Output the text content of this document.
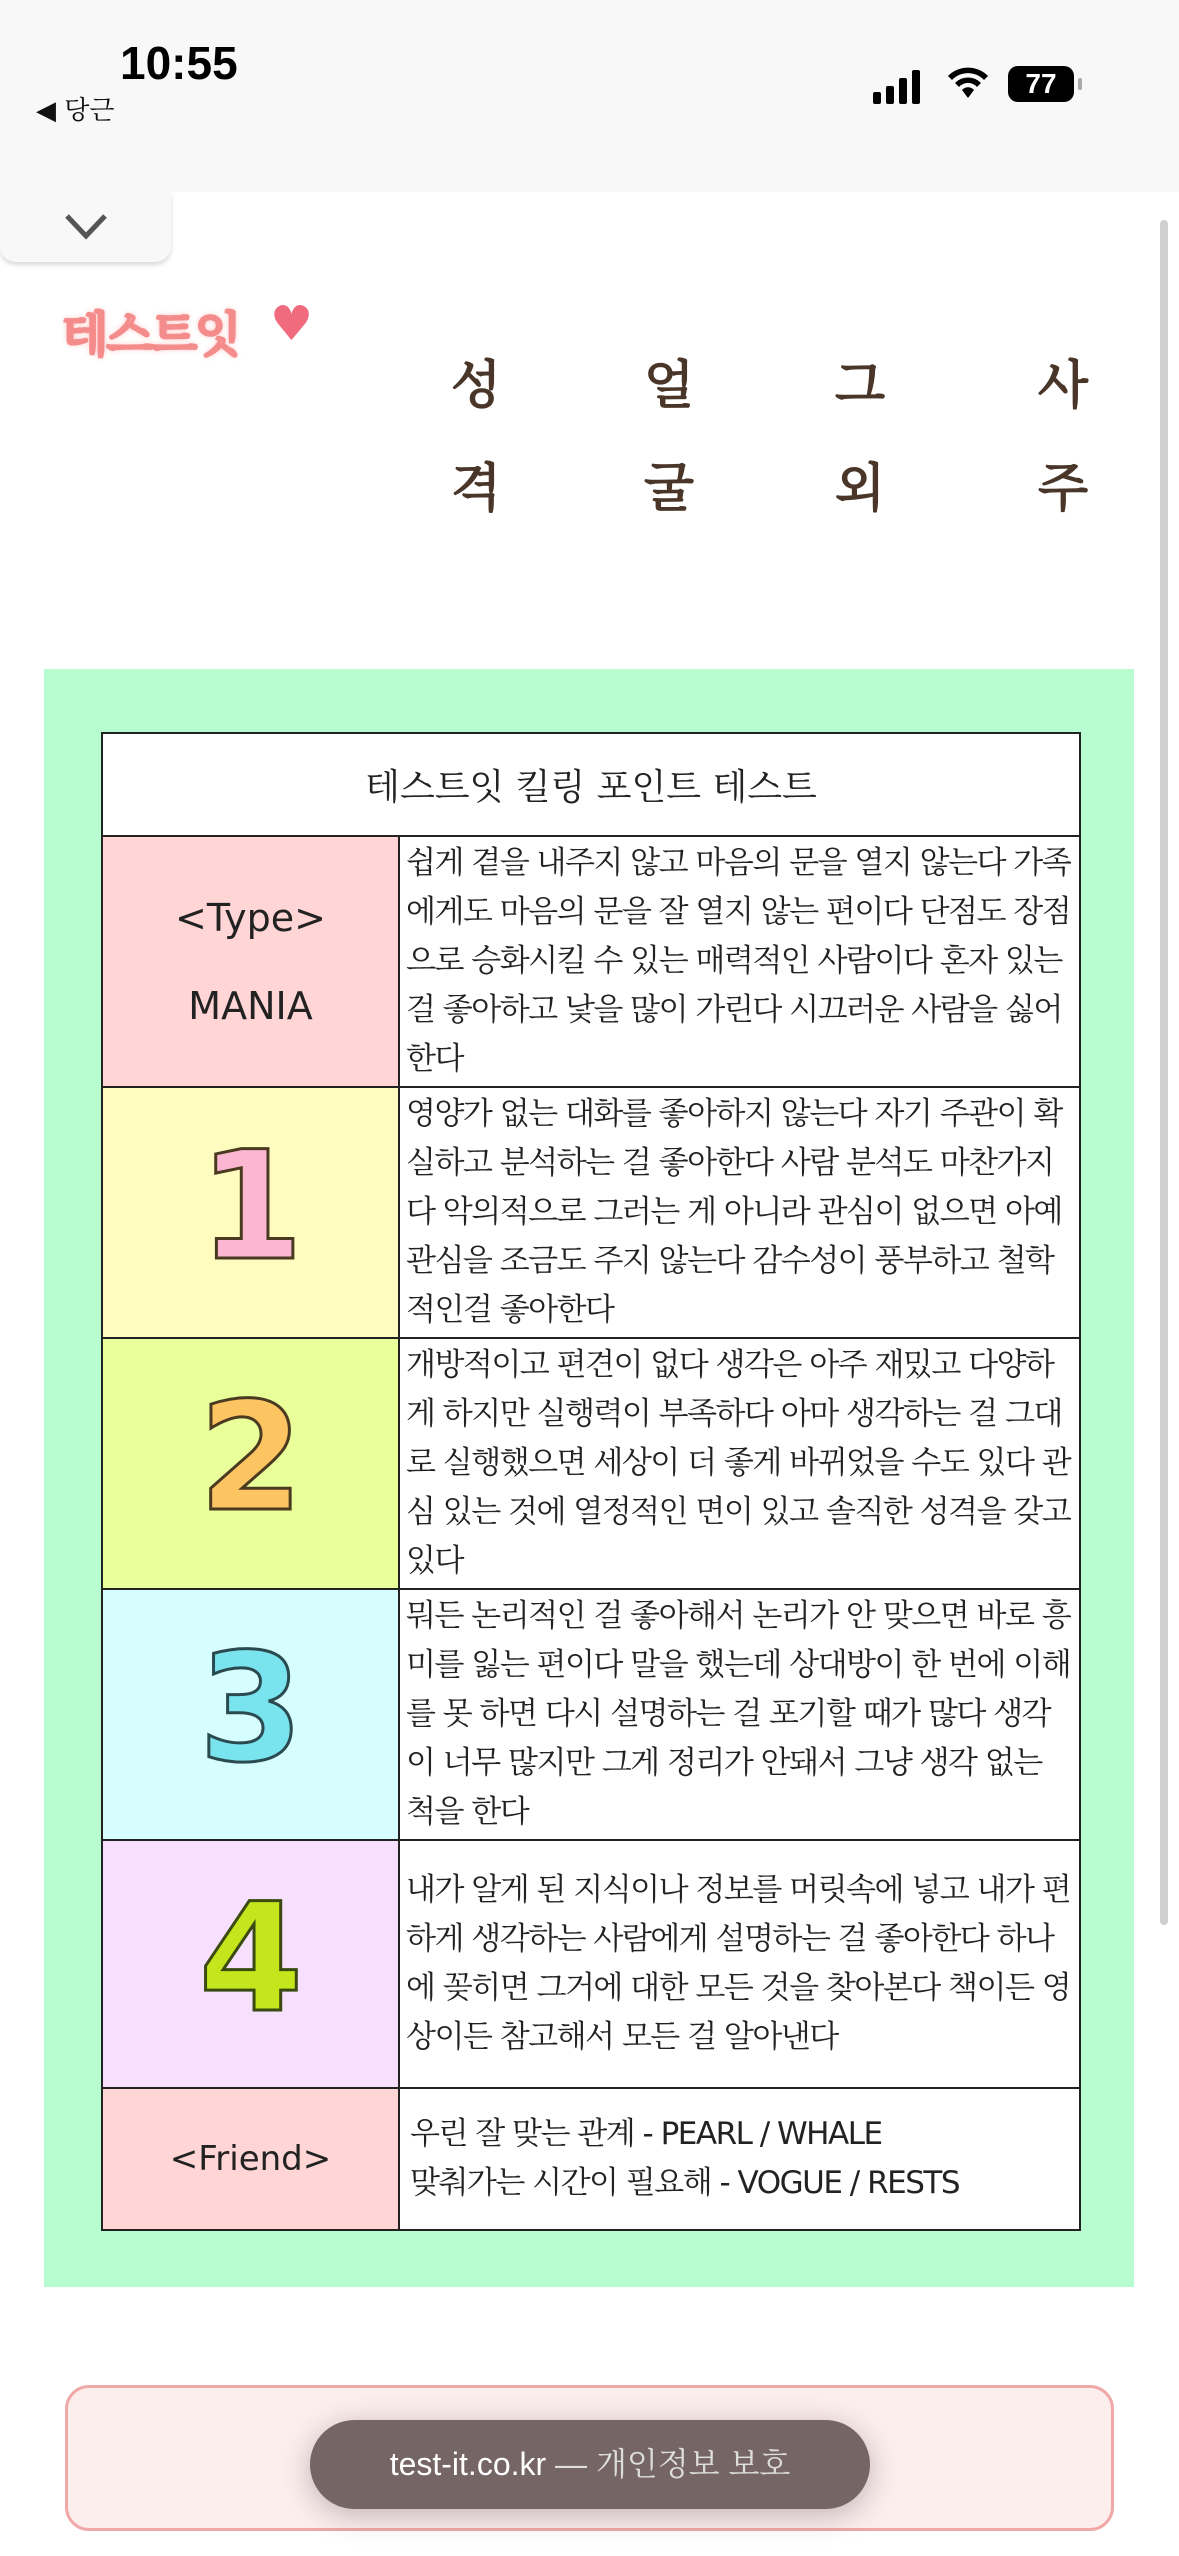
10:55
◀ 당근
77
테스트잇 ♥
성
격
얼
굴
그
외
사
주
테스트잇 킬링 포인트 테스트	

<Type>
MANIA	쉽게 곁을 내주지 않고 마음의 문을 열지 않는다 가족에게도 마음의 문을 잘 열지 않는 편이다 단점도 장점으로 승화시킬 수 있는 매력적인 사람이다 혼자 있는 걸 좋아하고 낯을 많이 가린다 시끄러운 사람을 싫어한다

1	영양가 없는 대화를 좋아하지 않는다 자기 주관이 확실하고 분석하는 걸 좋아한다 사람 분석도 마찬가지다 악의적으로 그러는 게 아니라 관심이 없으면 아예 관심을 조금도 주지 않는다 감수성이 풍부하고 철학적인걸 좋아한다

2	개방적이고 편견이 없다 생각은 아주 재밌고 다양하게 하지만 실행력이 부족하다 아마 생각하는 걸 그대로 실행했으면 세상이 더 좋게 바뀌었을 수도 있다 관심 있는 것에 열정적인 면이 있고 솔직한 성격을 갖고 있다

3	뭐든 논리적인 걸 좋아해서 논리가 안 맞으면 바로 흥미를 잃는 편이다 말을 했는데 상대방이 한 번에 이해를 못 하면 다시 설명하는 걸 포기할 때가 많다 생각이 너무 많지만 그게 정리가 안돼서 그냥 생각 없는 척을 한다

4	내가 알게 된 지식이나 정보를 머릿속에 넣고 내가 편하게 생각하는 사람에게 설명하는 걸 좋아한다 하나에 꽂히면 그거에 대한 모든 것을 찾아본다 책이든 영상이든 참고해서 모든 걸 알아낸다
<Friend>	우린 잘 맞는 관계 - PEARL / WHALE
맞춰가는 시간이 필요해 - VOGUE / RESTS
test-it.co.kr — 개인정보 보호
